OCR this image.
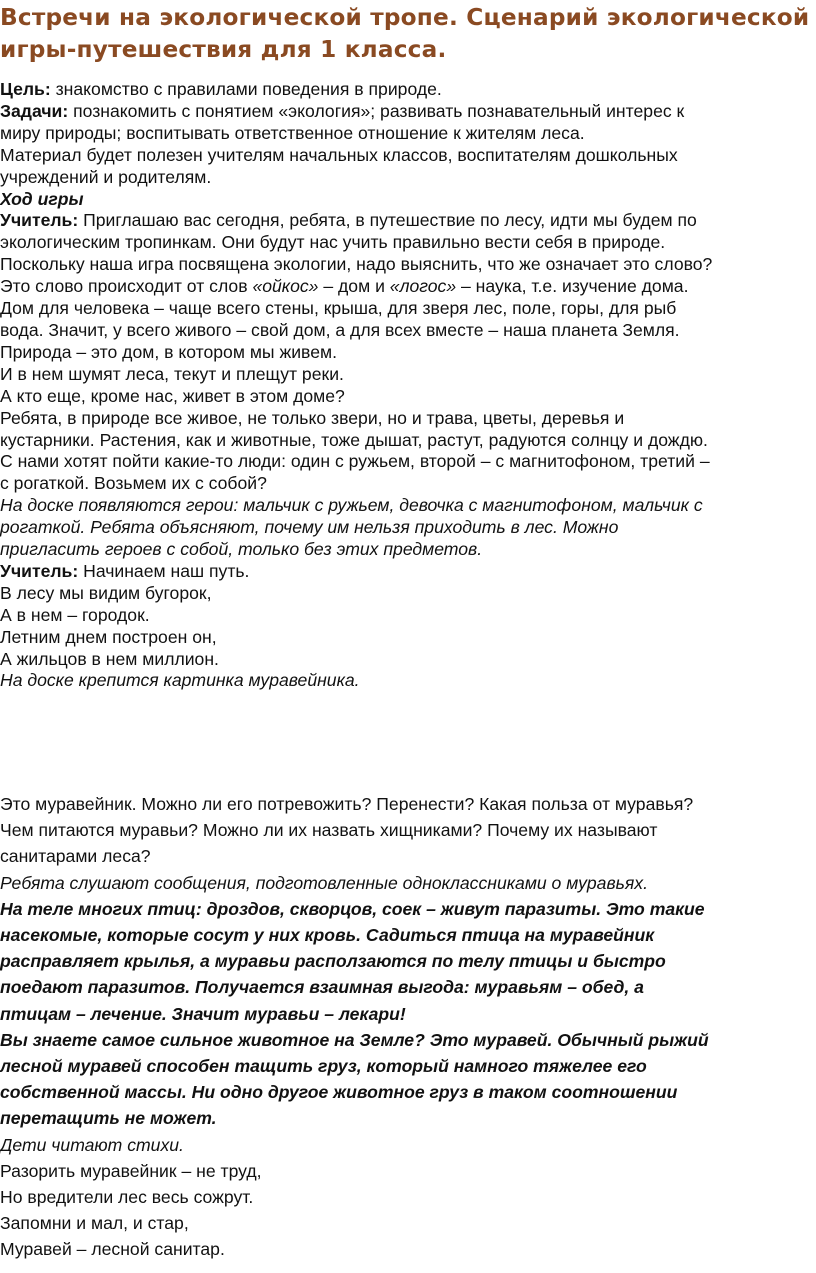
Встречи на экологической тропе. Сценарий экологической
игры-путешествия для 1 класса.
Цель: знакомство с правилами поведения в природе.
Задачи: познакомить с понятием «экология»; развивать познавательный интерес к
миру природы; воспитывать ответственное отношение к жителям леса.
Материал будет полезен учителям начальных классов, воспитателям дошкольных
учреждений и родителям.
Ход игры
Учитель: Приглашаю вас сегодня, ребята, в путешествие по лесу, идти мы будем по
экологическим тропинкам. Они будут нас учить правильно вести себя в природе.
Поскольку наша игра посвящена экологии, надо выяснить, что же означает это слово?
Это слово происходит от слов «ойкос» – дом и «логос» – наука, т.е. изучение дома.
Дом для человека – чаще всего стены, крыша, для зверя лес, поле, горы, для рыб
вода. Значит, у всего живого – свой дом, а для всех вместе – наша планета Земля.
Природа – это дом, в котором мы живем.
И в нем шумят леса, текут и плещут реки.
А кто еще, кроме нас, живет в этом доме?
Ребята, в природе все живое, не только звери, но и трава, цветы, деревья и
кустарники. Растения, как и животные, тоже дышат, растут, радуются солнцу и дождю.
С нами хотят пойти какие-то люди: один с ружьем, второй – с магнитофоном, третий –
с рогаткой. Возьмем их с собой?
На доске появляются герои: мальчик с ружьем, девочка с магнитофоном, мальчик с
рогаткой. Ребята объясняют, почему им нельзя приходить в лес. Можно
пригласить героев с собой, только без этих предметов.
Учитель: Начинаем наш путь.
В лесу мы видим бугорок,
А в нем – городок.
Летним днем построен он,
А жильцов в нем миллион.
На доске крепится картинка муравейника.
Это муравейник. Можно ли его потревожить? Перенести? Какая польза от муравья?
Чем питаются муравьи? Можно ли их назвать хищниками? Почему их называют
санитарами леса?
Ребята слушают сообщения, подготовленные одноклассниками о муравьях.
На теле многих птиц: дроздов, скворцов, соек – живут паразиты. Это такие
насекомые, которые сосут у них кровь. Садиться птица на муравейник
расправляет крылья, а муравьи расползаются по телу птицы и быстро
поедают паразитов. Получается взаимная выгода: муравьям – обед, а
птицам – лечение. Значит муравьи – лекари!
Вы знаете самое сильное животное на Земле? Это муравей. Обычный рыжий
лесной муравей способен тащить груз, который намного тяжелее его
собственной массы. Ни одно другое животное груз в таком соотношении
перетащить не может.
Дети читают стихи.
Разорить муравейник – не труд,
Но вредители лес весь сожрут.
Запомни и мал, и стар,
Муравей – лесной санитар.
